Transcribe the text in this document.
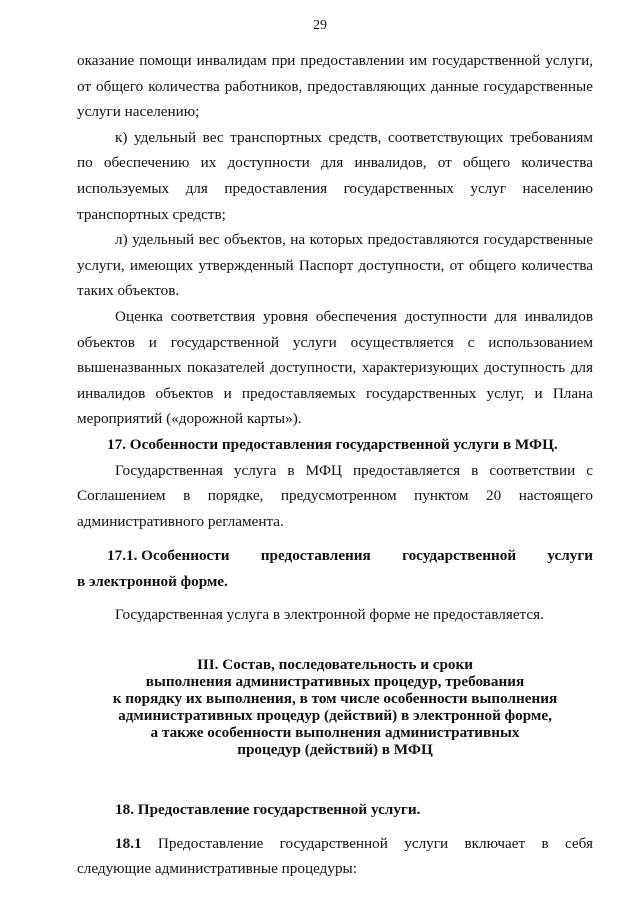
29

оказание помощи инвалидам при предоставлении им государственной услуги, от общего количества работников, предоставляющих данные государственные услуги населению;

к) удельный вес транспортных средств, соответствующих требованиям по обеспечению их доступности для инвалидов, от общего количества используемых для предоставления государственных услуг населению транспортных средств;

л) удельный вес объектов, на которых предоставляются государственные услуги, имеющих утвержденный Паспорт доступности, от общего количества таких объектов.

Оценка соответствия уровня обеспечения доступности для инвалидов объектов и государственной услуги осуществляется с использованием вышеназванных показателей доступности, характеризующих доступность для инвалидов объектов и предоставляемых государственных услуг, и Плана мероприятий («дорожной карты»).

17. Особенности предоставления государственной услуги в МФЦ.

Государственная услуга в МФЦ предоставляется в соответствии с Соглашением в порядке, предусмотренном пунктом 20 настоящего административного регламента.

17.1. Особенности предоставления государственной услуги

в электронной форме.

Государственная услуга в электронной форме не предоставляется.

III. Состав, последовательность и сроки
выполнения административных процедур, требования
к порядку их выполнения, в том числе особенности выполнения
административных процедур (действий) в электронной форме,
а также особенности выполнения административных
процедур (действий) в МФЦ

18. Предоставление государственной услуги.

18.1 Предоставление государственной услуги включает в себя следующие административные процедуры:
